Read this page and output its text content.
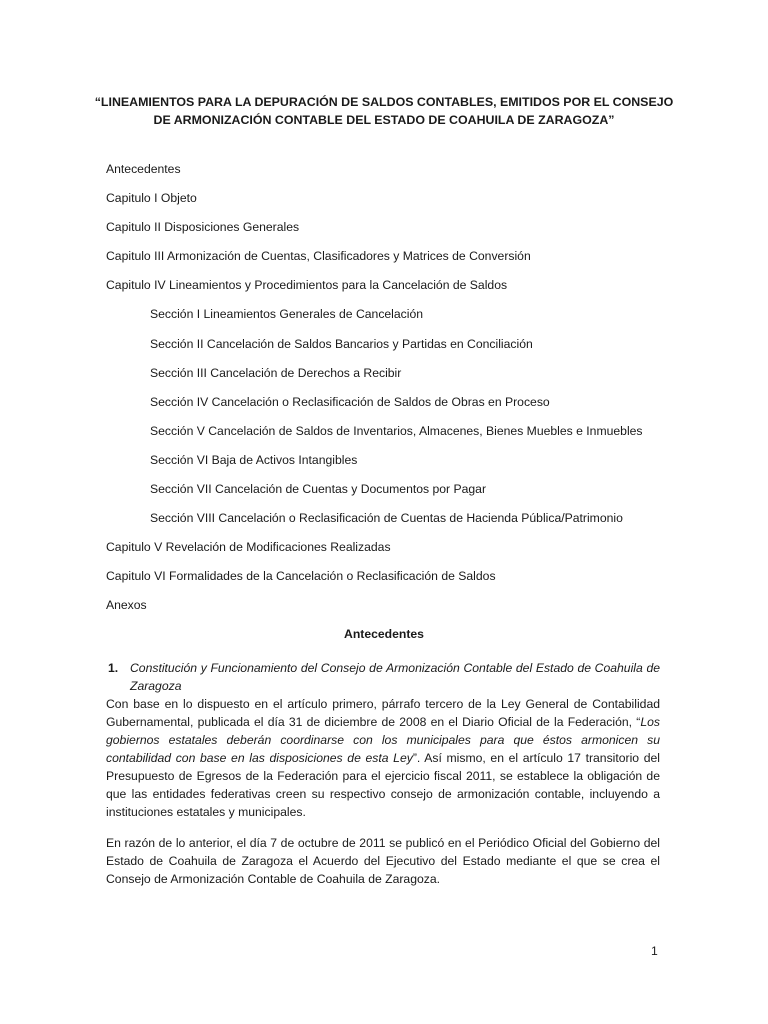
“LINEAMIENTOS PARA LA DEPURACIÓN DE SALDOS CONTABLES, EMITIDOS POR EL CONSEJO DE ARMONIZACIÓN CONTABLE DEL ESTADO DE COAHUILA DE ZARAGOZA”

Antecedentes
Capitulo I Objeto
Capitulo II Disposiciones Generales
Capitulo III Armonización de Cuentas, Clasificadores y Matrices de Conversión
Capitulo IV Lineamientos y Procedimientos para la Cancelación de Saldos
Sección I Lineamientos Generales de Cancelación
Sección II Cancelación de Saldos Bancarios y Partidas en Conciliación
Sección III Cancelación de Derechos a Recibir
Sección IV Cancelación o Reclasificación de Saldos de Obras en Proceso
Sección V Cancelación de Saldos de Inventarios, Almacenes, Bienes Muebles e Inmuebles
Sección VI Baja de Activos Intangibles
Sección VII Cancelación de Cuentas y Documentos por Pagar
Sección VIII Cancelación o Reclasificación de Cuentas de Hacienda Pública/Patrimonio
Capitulo V Revelación de Modificaciones Realizadas
Capitulo VI Formalidades de la Cancelación o Reclasificación de Saldos
Anexos

Antecedentes

1. Constitución y Funcionamiento del Consejo de Armonización Contable del Estado de Coahuila de Zaragoza

Con base en lo dispuesto en el artículo primero, párrafo tercero de la Ley General de Contabilidad Gubernamental, publicada el día 31 de diciembre de 2008 en el Diario Oficial de la Federación, “Los gobiernos estatales deberán coordinarse con los municipales para que éstos armonicen su contabilidad con base en las disposiciones de esta Ley”. Así mismo, en el artículo 17 transitorio del Presupuesto de Egresos de la Federación para el ejercicio fiscal 2011, se establece la obligación de que las entidades federativas creen su respectivo consejo de armonización contable, incluyendo a instituciones estatales y municipales.

En razón de lo anterior, el día 7 de octubre de 2011 se publicó en el Periódico Oficial del Gobierno del Estado de Coahuila de Zaragoza el Acuerdo del Ejecutivo del Estado mediante el que se crea el Consejo de Armonización Contable de Coahuila de Zaragoza.

1
